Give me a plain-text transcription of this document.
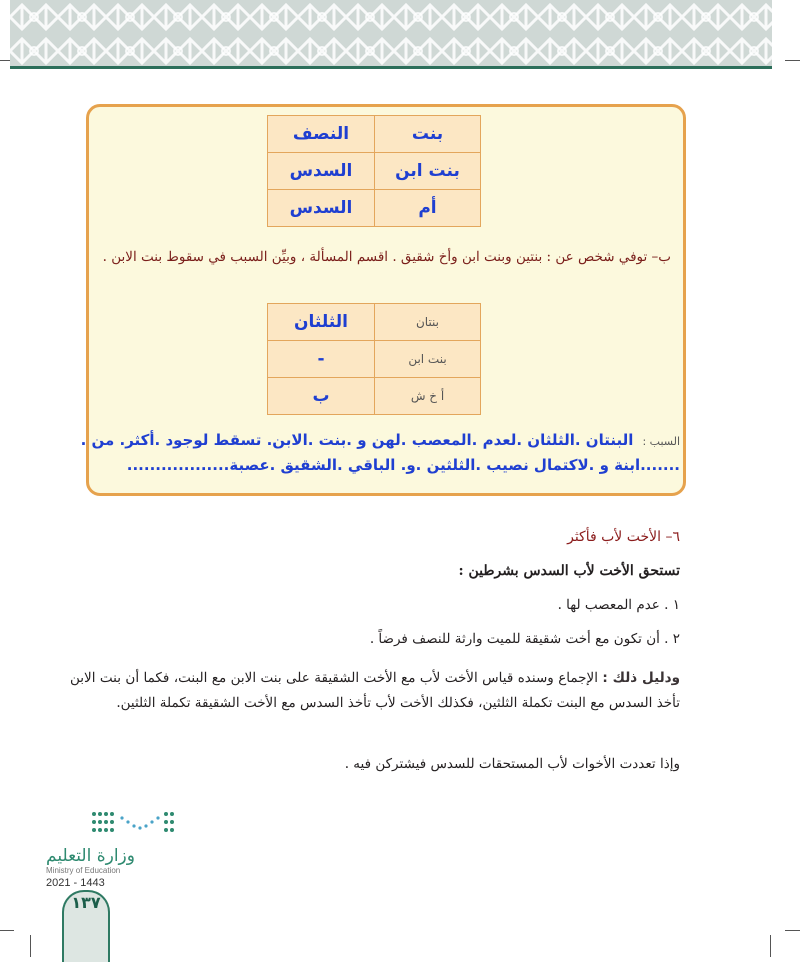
النصف	بنت
السدس	بنت ابن
السدس	أم
ب– توفي شخص عن : بنتين وبنت ابن وأخ شقيق . اقسم المسألة ، وبيِّن السبب في سقوط بنت الابن .
الثلثان	بنتان
-	بنت ابن
ب	أ خ ش
السبب : البنتان .الثلثان .لعدم .المعصب .لهن و .بنت .الابن. تسقط لوجود .أكثر. من .
.......ابنة و .لاكتمال نصيب .الثلثين .و. الباقي .الشقيق .عصبة..................
٦– الأخت لأب فأكثر
تستحق الأخت لأب السدس بشرطين :
١ . عدم المعصب لها .
٢ . أن تكون مع أخت شقيقة للميت وارثة للنصف فرضاً .
ودليل ذلك : الإجماع وسنده قياس الأخت لأب مع الأخت الشقيقة على بنت الابن مع البنت، فكما أن بنت الابن تأخذ السدس مع البنت تكملة الثلثين، فكذلك الأخت لأب تأخذ السدس مع الأخت الشقيقة تكملة الثلثين.
وإذا تعددت الأخوات لأب المستحقات للسدس فيشتركن فيه .
وزارة التعليم
Ministry of Education
2021 - 1443
١٣٧
